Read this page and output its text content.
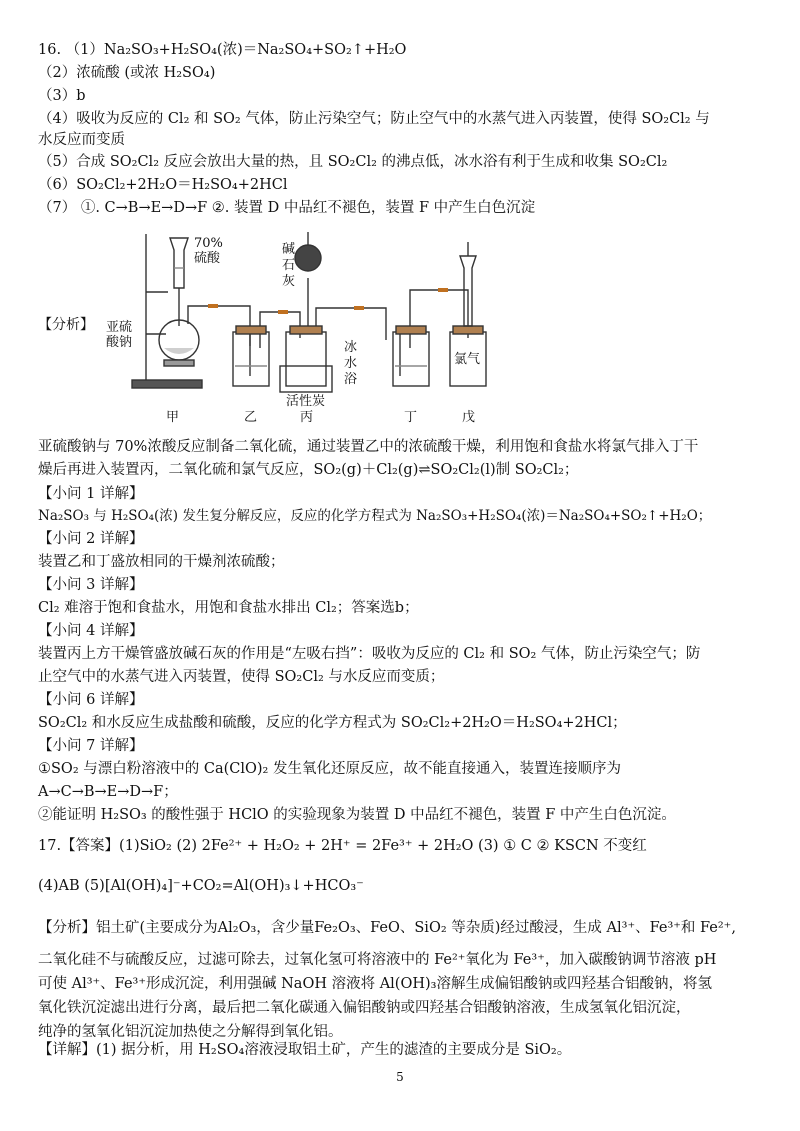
16. （1）Na₂SO₃+H₂SO₄(浓)＝Na₂SO₄+SO₂↑+H₂O
（2）浓硫酸 (或浓 H₂SO₄)
（3）b
（4）吸收为反应的 Cl₂ 和 SO₂ 气体，防止污染空气；防止空气中的水蒸气进入丙装置，使得 SO₂Cl₂ 与
水反应而变质
（5）合成 SO₂Cl₂ 反应会放出大量的热，且 SO₂Cl₂ 的沸点低，冰水浴有利于生成和收集 SO₂Cl₂
（6）SO₂Cl₂+2H₂O＝H₂SO₄+2HCl
（7） ①. C→B→E→D→F ②. 装置 D 中品红不褪色，装置 F 中产生白色沉淀
【分析】
70%
硫酸
亚硫
酸钠
碱
石
灰
冰
水
浴
活性炭
氯气
甲	乙	丙	丁	戊
亚硫酸钠与 70%浓酸反应制备二氧化硫，通过装置乙中的浓硫酸干燥，利用饱和食盐水将氯气排入丁干
燥后再进入装置丙，二氧化硫和氯气反应，SO₂(g)＋Cl₂(g)⇌SO₂Cl₂(l)制 SO₂Cl₂；
【小问 1 详解】
Na₂SO₃ 与 H₂SO₄(浓) 发生复分解反应，反应的化学方程式为 Na₂SO₃+H₂SO₄(浓)＝Na₂SO₄+SO₂↑+H₂O；
【小问 2 详解】
装置乙和丁盛放相同的干燥剂浓硫酸；
【小问 3 详解】
Cl₂ 难溶于饱和食盐水，用饱和食盐水排出 Cl₂；答案选b；
【小问 4 详解】
装置丙上方干燥管盛放碱石灰的作用是“左吸右挡”：吸收为反应的 Cl₂ 和 SO₂ 气体，防止污染空气；防
止空气中的水蒸气进入丙装置，使得 SO₂Cl₂ 与水反应而变质；
【小问 6 详解】
SO₂Cl₂ 和水反应生成盐酸和硫酸，反应的化学方程式为 SO₂Cl₂+2H₂O＝H₂SO₄+2HCl；
【小问 7 详解】
①SO₂ 与漂白粉溶液中的 Ca(ClO)₂ 发生氧化还原反应，故不能直接通入，装置连接顺序为
A→C→B→E→D→F；
②能证明 H₂SO₃ 的酸性强于 HClO 的实验现象为装置 D 中品红不褪色，装置 F 中产生白色沉淀。
17.【答案】(1)SiO₂ (2) 2Fe²⁺ + H₂O₂ + 2H⁺ = 2Fe³⁺ + 2H₂O (3) ① C ② KSCN 不变红
(4)AB (5)[Al(OH)₄]⁻+CO₂=Al(OH)₃↓+HCO₃⁻
【分析】铝土矿(主要成分为Al₂O₃，含少量Fe₂O₃、FeO、SiO₂ 等杂质)经过酸浸，生成 Al³⁺、Fe³⁺和 Fe²⁺,
二氧化硅不与硫酸反应，过滤可除去，过氧化氢可将溶液中的 Fe²⁺氧化为 Fe³⁺，加入碳酸钠调节溶液 pH
可使 Al³⁺、Fe³⁺形成沉淀，利用强碱 NaOH 溶液将 Al(OH)₃溶解生成偏铝酸钠或四羟基合铝酸钠，将氢
氧化铁沉淀滤出进行分离，最后把二氧化碳通入偏铝酸钠或四羟基合铝酸钠溶液，生成氢氧化铝沉淀，
纯净的氢氧化铝沉淀加热使之分解得到氧化铝。
5
【详解】(1) 据分析，用 H₂SO₄溶液浸取铝土矿，产生的滤渣的主要成分是 SiO₂。
